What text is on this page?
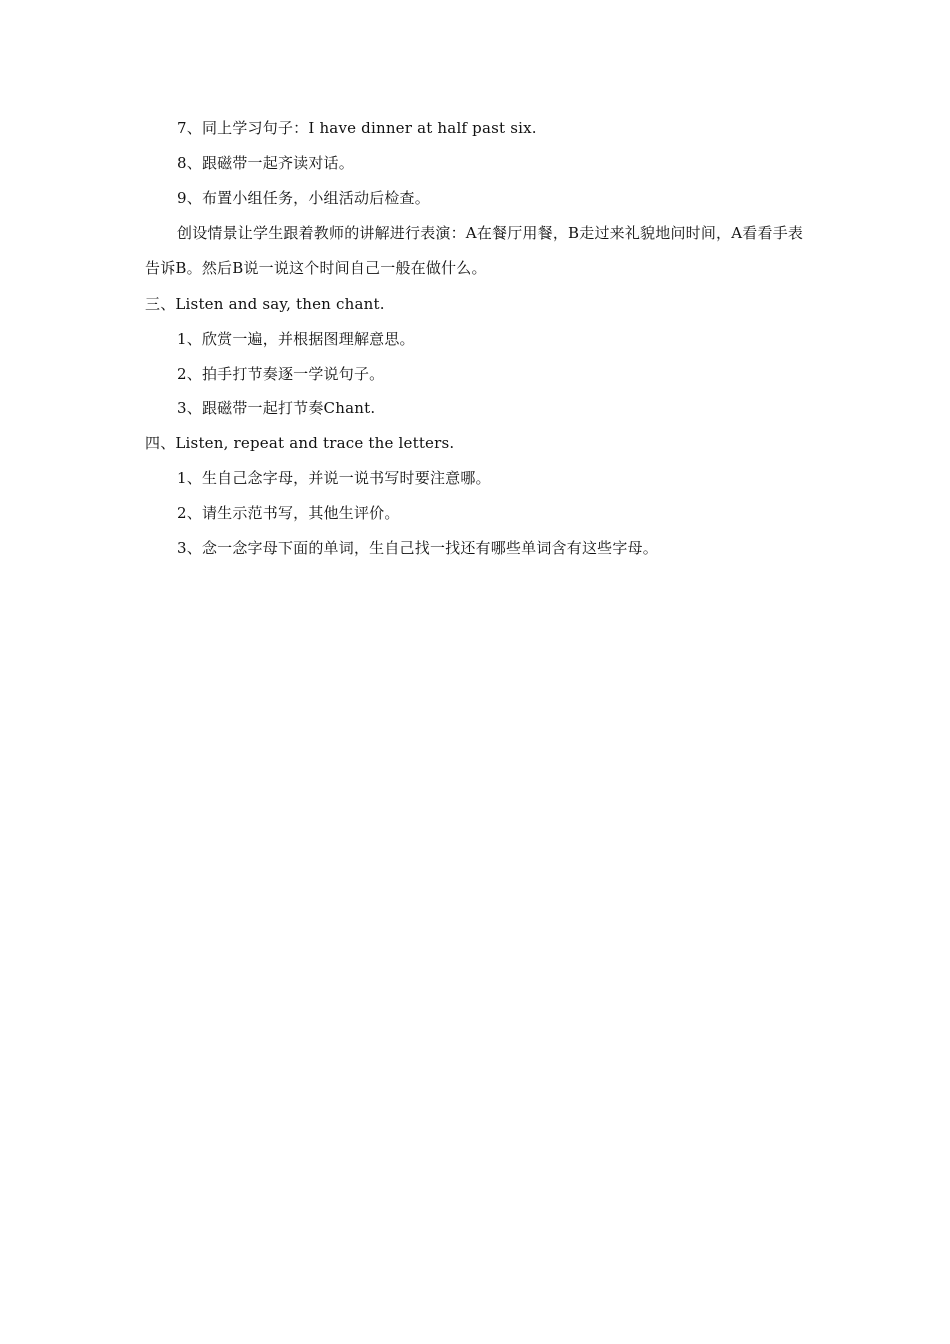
7、同上学习句子：I have dinner at half past six.
8、跟磁带一起齐读对话。
9、布置小组任务，小组活动后检查。
创设情景让学生跟着教师的讲解进行表演：A在餐厅用餐，B走过来礼貌地问时间，A看看手表告诉B。然后B说一说这个时间自己一般在做什么。
三、Listen and say, then chant.
1、欣赏一遍，并根据图理解意思。
2、拍手打节奏逐一学说句子。
3、跟磁带一起打节奏Chant.
四、Listen, repeat and trace the letters.
1、生自己念字母，并说一说书写时要注意哪。
2、请生示范书写，其他生评价。
3、念一念字母下面的单词，生自己找一找还有哪些单词含有这些字母。
